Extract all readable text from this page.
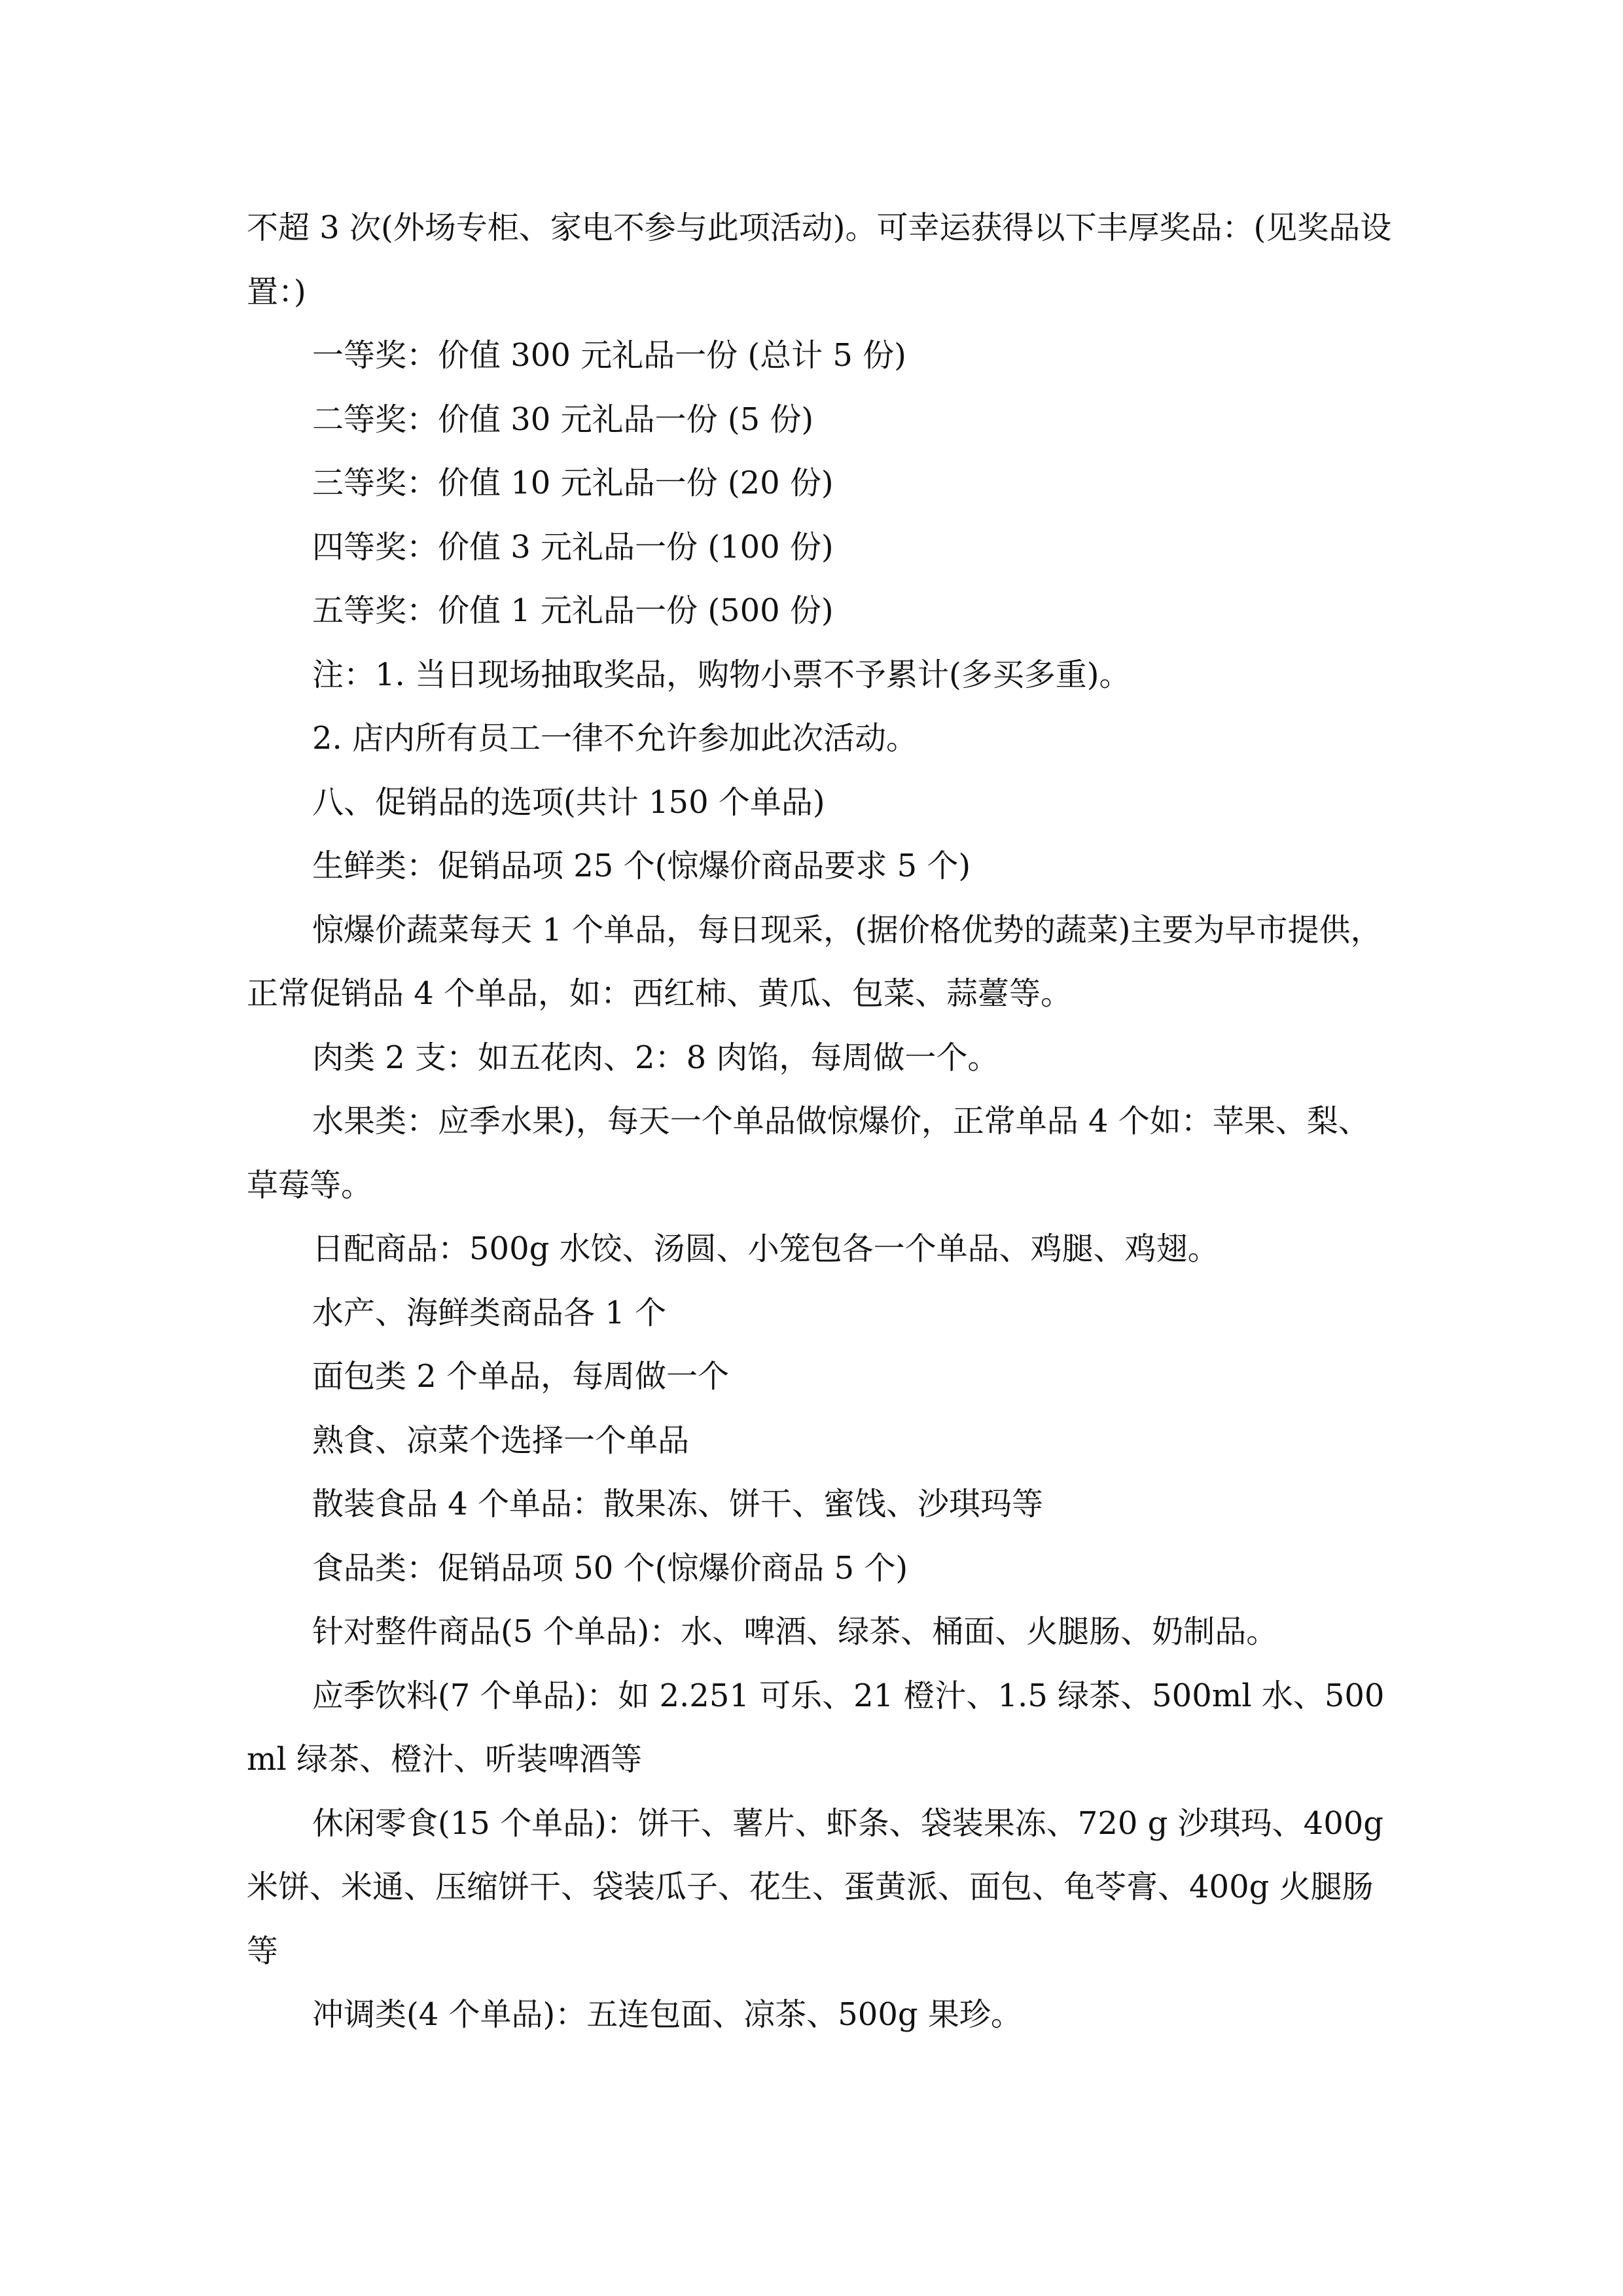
不超 3 次(外场专柜、家电不参与此项活动)。可幸运获得以下丰厚奖品：(见奖品设置：)

一等奖：价值 300 元礼品一份 (总计 5 份)

二等奖：价值 30 元礼品一份 (5 份)

三等奖：价值 10 元礼品一份 (20 份)

四等奖：价值 3 元礼品一份 (100 份)

五等奖：价值 1 元礼品一份 (500 份)

注：1. 当日现场抽取奖品，购物小票不予累计(多买多重)。

2. 店内所有员工一律不允许参加此次活动。

八、促销品的选项(共计 150 个单品)

生鲜类：促销品项 25 个(惊爆价商品要求 5 个)

惊爆价蔬菜每天 1 个单品，每日现采，(据价格优势的蔬菜)主要为早市提供，正常促销品 4 个单品，如：西红柿、黄瓜、包菜、蒜薹等。

肉类 2 支：如五花肉、2：8 肉馅，每周做一个。

水果类：应季水果)，每天一个单品做惊爆价，正常单品 4 个如：苹果、梨、草莓等。

日配商品：500g 水饺、汤圆、小笼包各一个单品、鸡腿、鸡翅。

水产、海鲜类商品各 1 个

面包类 2 个单品，每周做一个

熟食、凉菜个选择一个单品

散装食品 4 个单品：散果冻、饼干、蜜饯、沙琪玛等

食品类：促销品项 50 个(惊爆价商品 5 个)

针对整件商品(5 个单品)：水、啤酒、绿茶、桶面、火腿肠、奶制品。

应季饮料(7 个单品)：如 2.251 可乐、21 橙汁、1.5 绿茶、500ml 水、500ml 绿茶、橙汁、听装啤酒等

休闲零食(15 个单品)：饼干、薯片、虾条、袋装果冻、720 g 沙琪玛、400g 米饼、米通、压缩饼干、袋装瓜子、花生、蛋黄派、面包、龟苓膏、400g 火腿肠等

冲调类(4 个单品)：五连包面、凉茶、500g 果珍。
